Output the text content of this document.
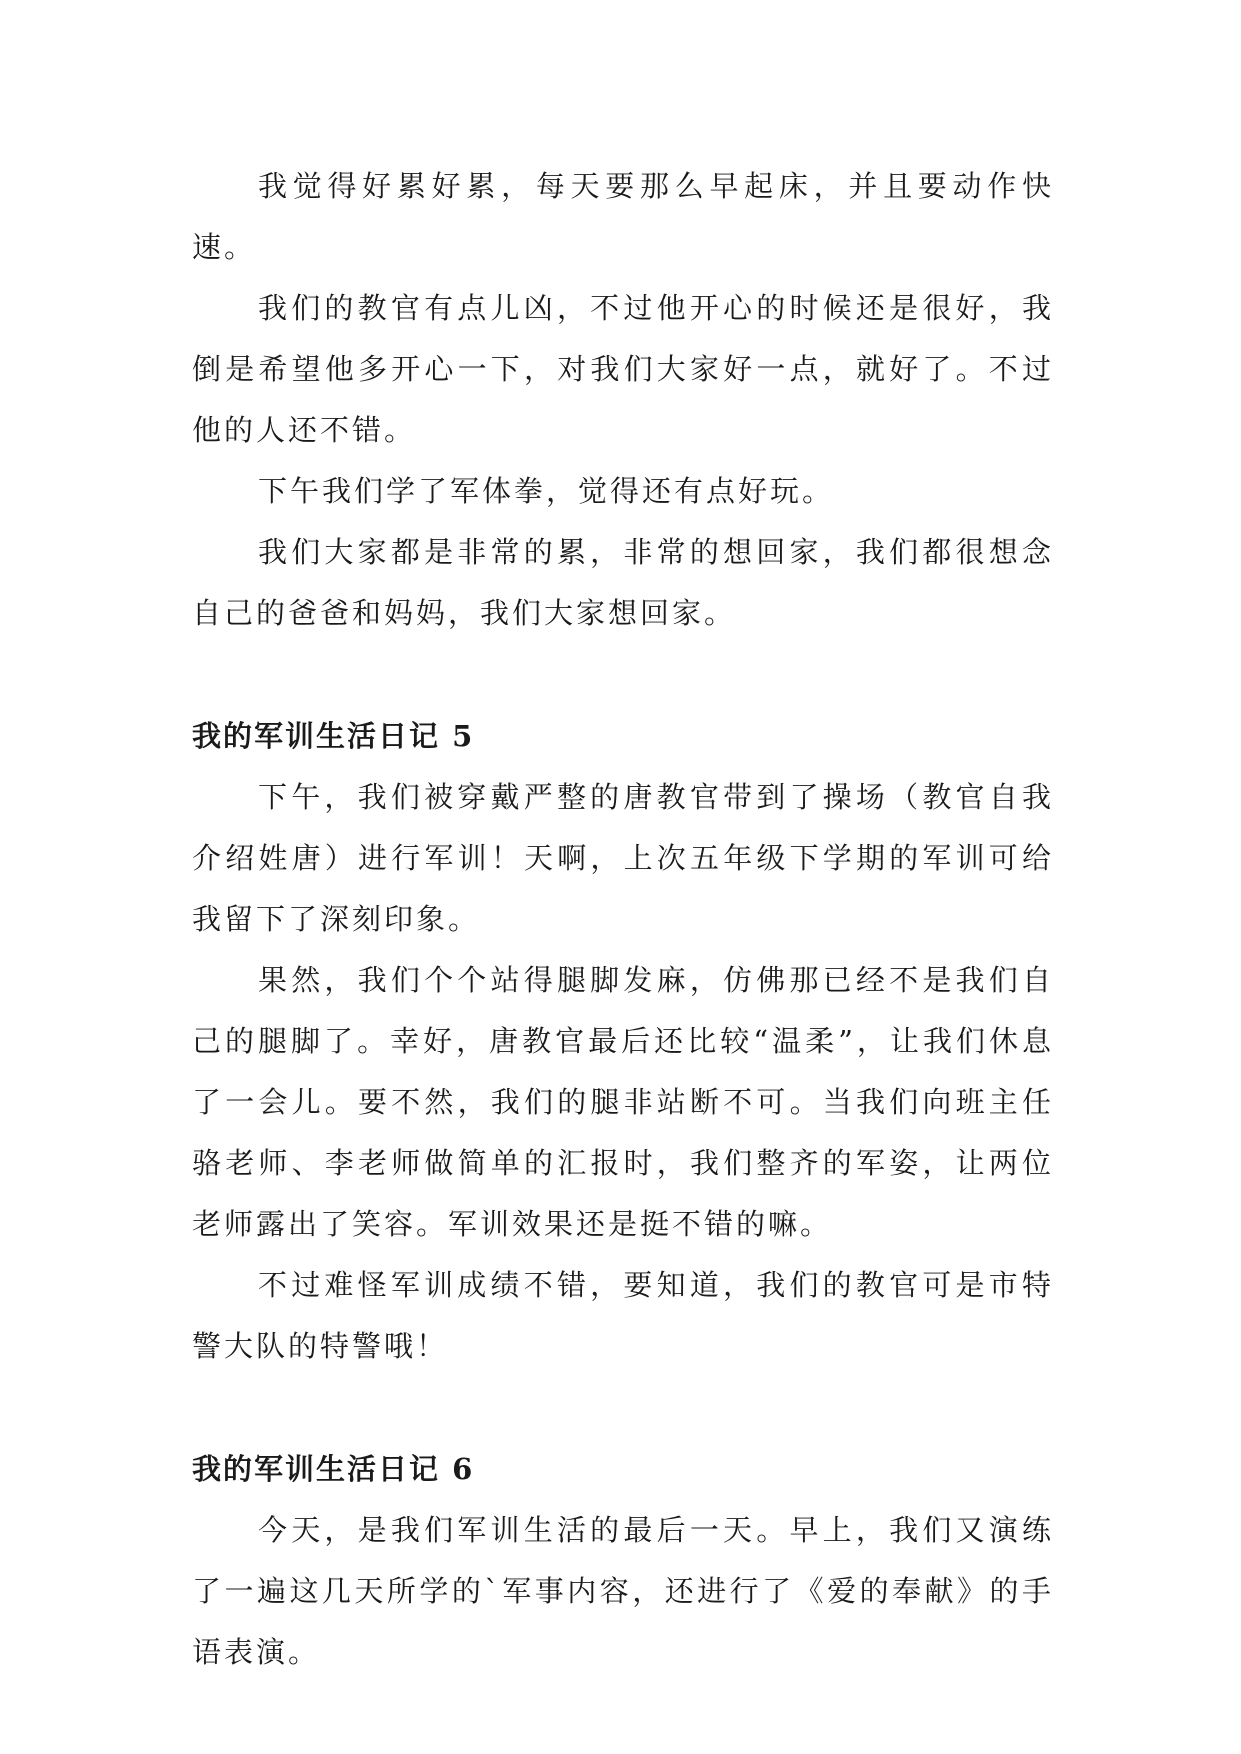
我觉得好累好累，每天要那么早起床，并且要动作快速。

我们的教官有点儿凶，不过他开心的时候还是很好，我倒是希望他多开心一下，对我们大家好一点，就好了。不过他的人还不错。

下午我们学了军体拳，觉得还有点好玩。

我们大家都是非常的累，非常的想回家，我们都很想念自己的爸爸和妈妈，我们大家想回家。

我的军训生活日记 5

下午，我们被穿戴严整的唐教官带到了操场（教官自我介绍姓唐）进行军训！天啊，上次五年级下学期的军训可给我留下了深刻印象。

果然，我们个个站得腿脚发麻，仿佛那已经不是我们自己的腿脚了。幸好，唐教官最后还比较“温柔”，让我们休息了一会儿。要不然，我们的腿非站断不可。当我们向班主任骆老师、李老师做简单的汇报时，我们整齐的军姿，让两位老师露出了笑容。军训效果还是挺不错的嘛。

不过难怪军训成绩不错，要知道，我们的教官可是市特警大队的特警哦！

我的军训生活日记 6

今天，是我们军训生活的最后一天。早上，我们又演练了一遍这几天所学的`军事内容，还进行了《爱的奉献》的手语表演。
